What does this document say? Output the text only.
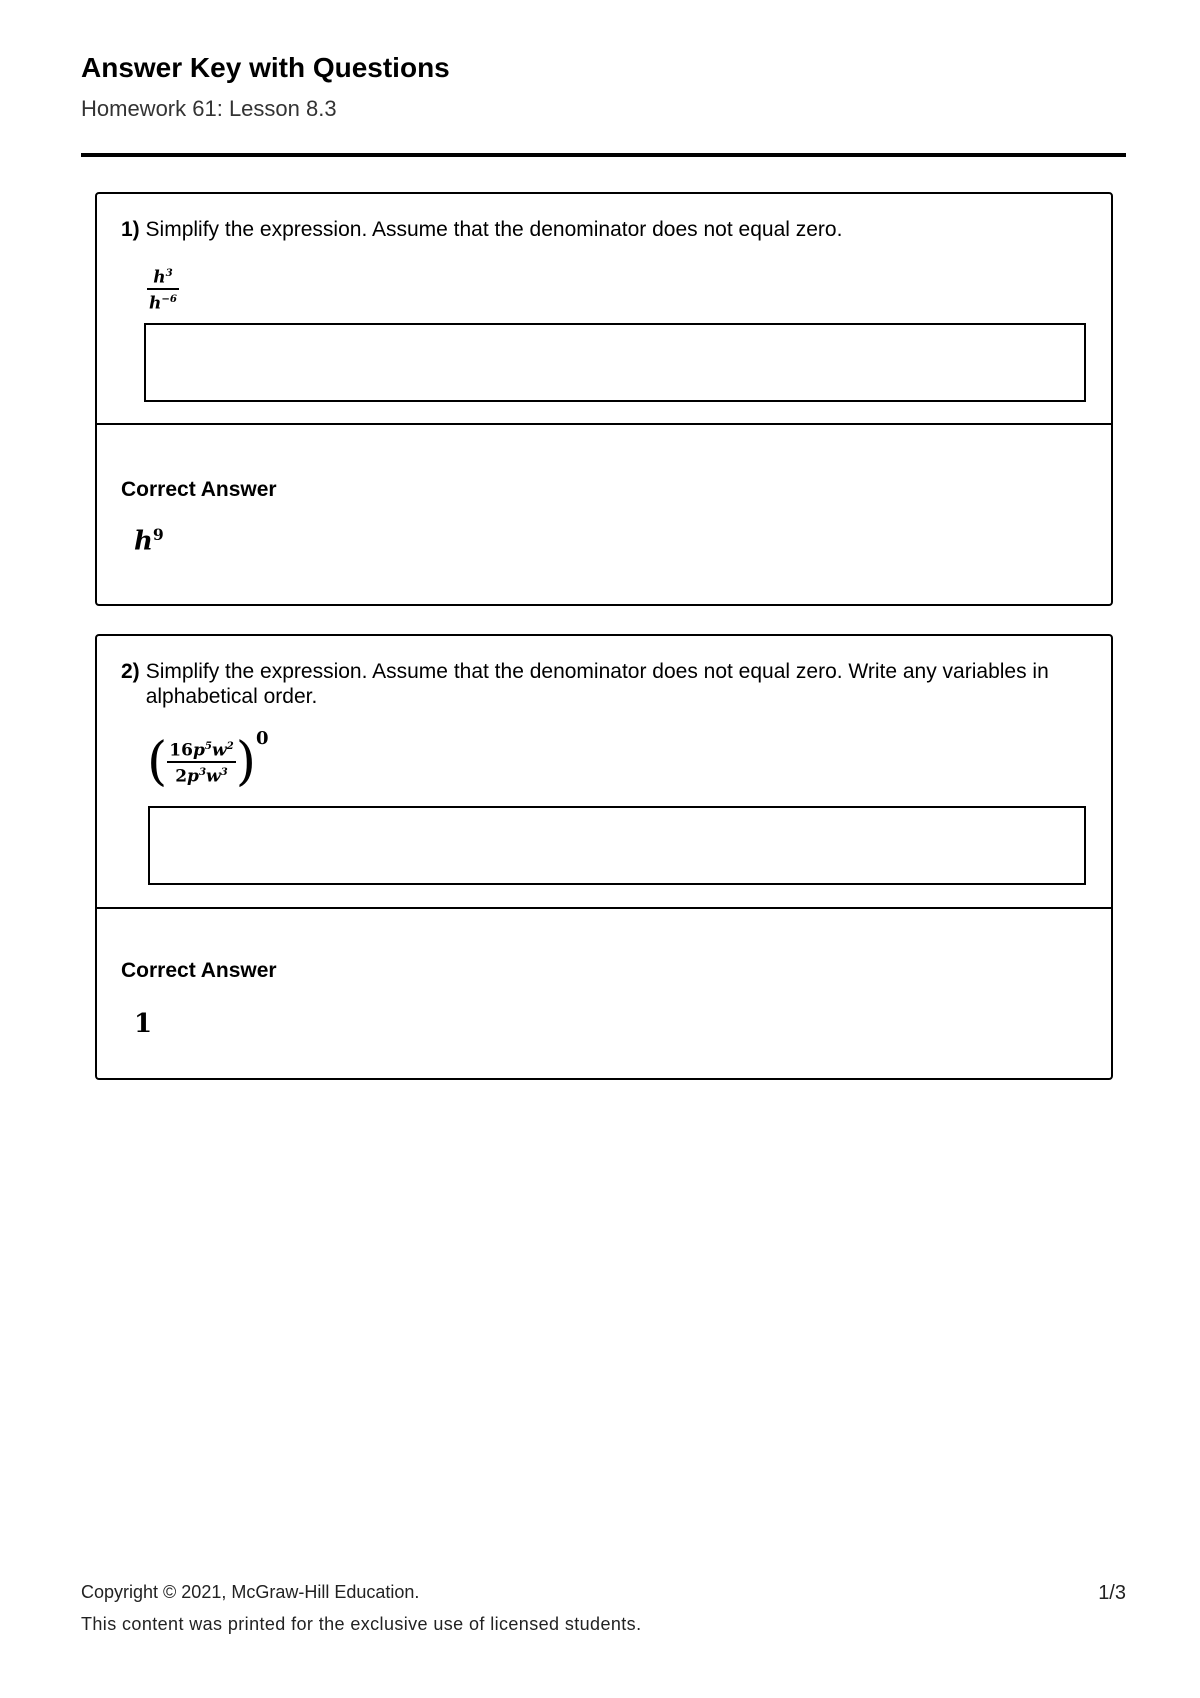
Answer Key with Questions
Homework 61: Lesson 8.3
1) Simplify the expression. Assume that the denominator does not equal zero.
$\frac{h^3}{h^{-6}}$
Correct Answer
$h^9$
2) Simplify the expression. Assume that the denominator does not equal zero. Write any variables in alphabetical order.
( $\frac{16p^5w^2}{2p^3w^3}$ ) 0
Correct Answer
1
Copyright © 2021, McGraw-Hill Education.	1/3
This content was printed for the exclusive use of licensed students.
